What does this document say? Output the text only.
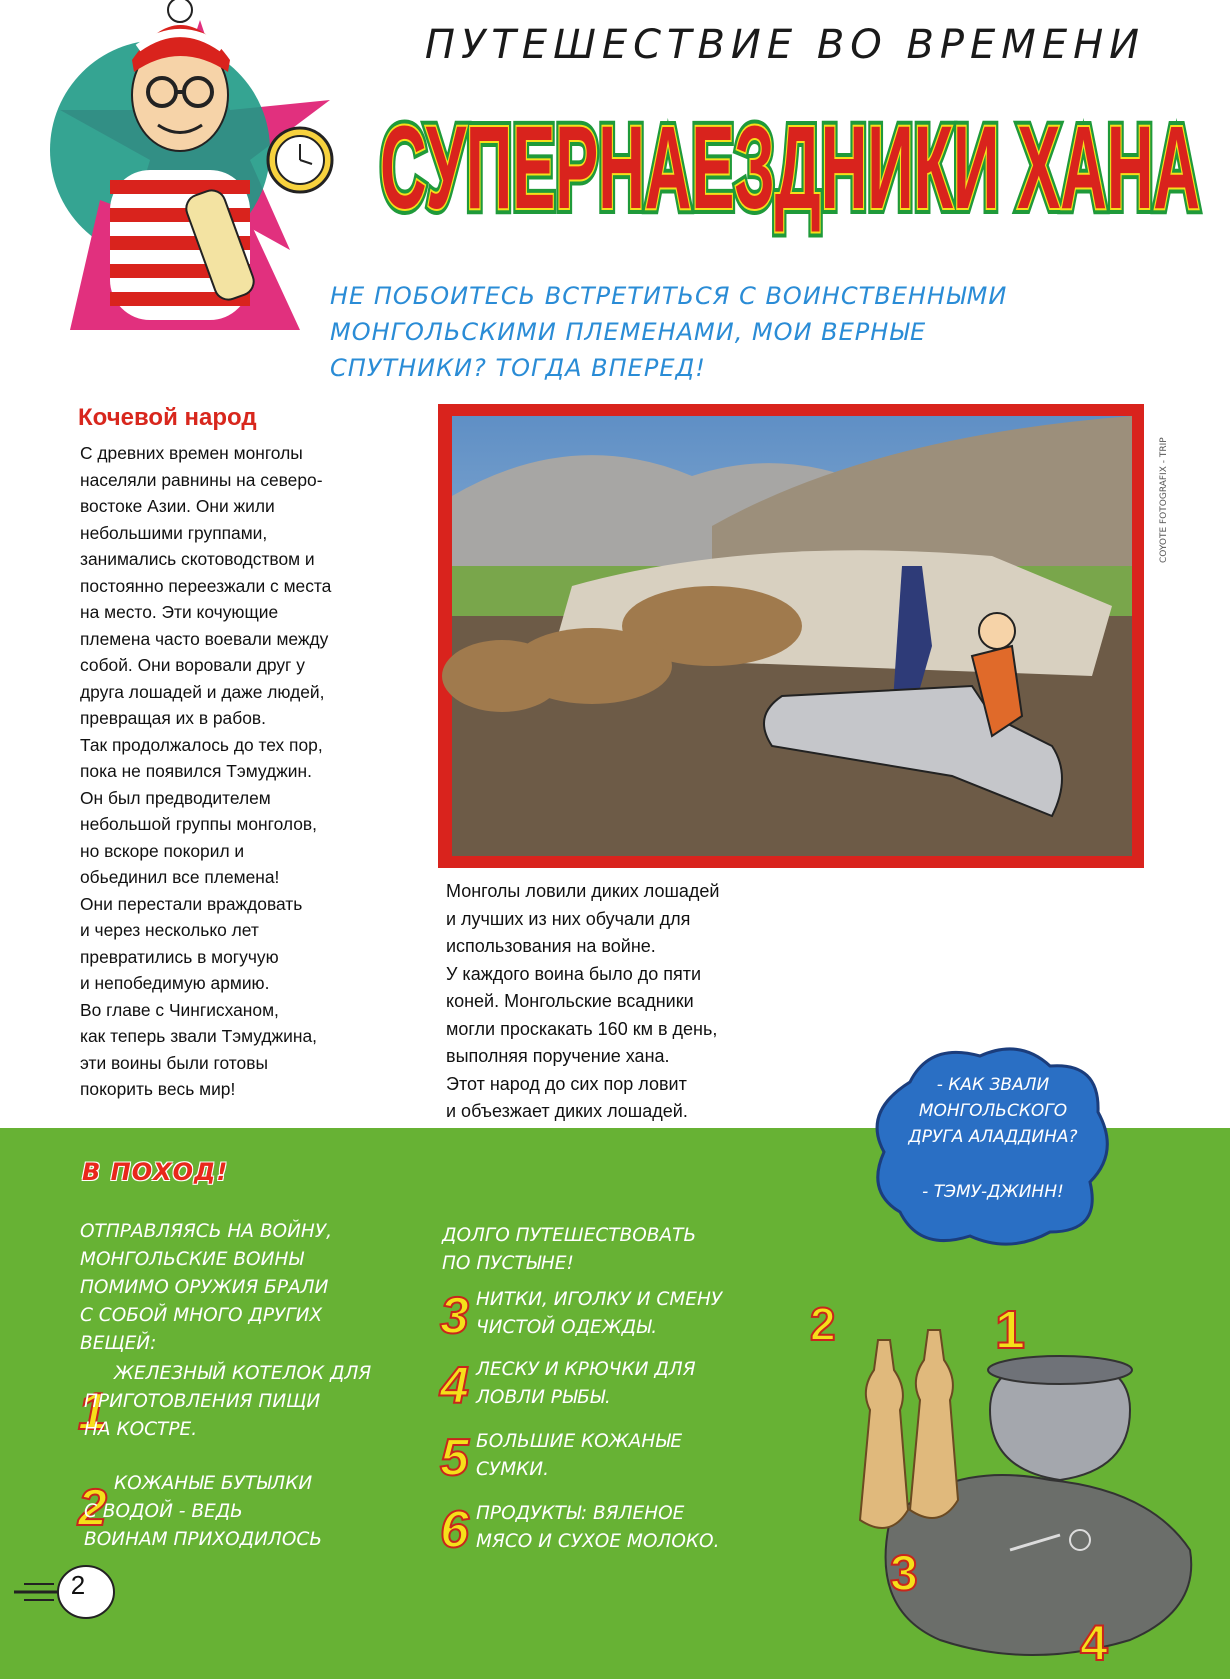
ПУТЕШЕСТВИЕ ВО ВРЕМЕНИ
СУПЕРНАЕЗДНИКИ ХАНА
СУПЕРНАЕЗДНИКИ ХАНА
НЕ ПОБОИТЕСЬ ВСТРЕТИТЬСЯ С ВОИНСТВЕННЫМИ
МОНГОЛЬСКИМИ ПЛЕМЕНАМИ, МОИ ВЕРНЫЕ
СПУТНИКИ? ТОГДА ВПЕРЕД!
Кочевой народ
С древних времен монголы
населяли равнины на северо-
востоке Азии. Они жили
небольшими группами,
занимались скотоводством и
постоянно переезжали с места
на место. Эти кочующие
племена часто воевали между
собой. Они воровали друг у
друга лошадей и даже людей,
превращая их в рабов.
Так продолжалось до тех пор,
пока не появился Тэмуджин.
Он был предводителем
небольшой группы монголов,
но вскоре покорил и
обьединил все племена!
Они перестали враждовать
и через несколько лет
превратились в могучую
и непобедимую армию.
Во главе с Чингисханом,
как теперь звали Тэмуджина,
эти воины были готовы
покорить весь мир!
COYOTE FOTOGRAFIX - TRIP
Монголы ловили диких лошадей
и лучших из них обучали для
использования на войне.
У каждого воина было до пяти
коней. Монгольские всадники
могли проскакать 160 км в день,
выполняя поручение хана.
Этот народ до сих пор ловит
и объезжает диких лошадей.
- КАК ЗВАЛИ
МОНГОЛЬСКОГО
ДРУГА АЛАДДИНА?
- ТЭМУ-ДЖИНН!
В ПОХОД!
ОТПРАВЛЯЯСЬ НА ВОЙНУ,
МОНГОЛЬСКИЕ ВОИНЫ
ПОМИМО ОРУЖИЯ БРАЛИ
С СОБОЙ МНОГО ДРУГИХ
ВЕЩЕЙ:
1
ЖЕЛЕЗНЫЙ КОТЕЛОК ДЛЯ
ПРИГОТОВЛЕНИЯ ПИЩИ
НА КОСТРЕ.
2 КОЖАНЫЕ БУТЫЛКИ
С ВОДОЙ - ВЕДЬ
ВОИНАМ ПРИХОДИЛОСЬ
ДОЛГО ПУТЕШЕСТВОВАТЬ
ПО ПУСТЫНЕ!
3 НИТКИ, ИГОЛКУ И СМЕНУ
ЧИСТОЙ ОДЕЖДЫ.
4 ЛЕСКУ И КРЮЧКИ ДЛЯ
ЛОВЛИ РЫБЫ.
5 БОЛЬШИЕ КОЖАНЫЕ
СУМКИ.
6 ПРОДУКТЫ: ВЯЛЕНОЕ
МЯСО И СУХОЕ МОЛОКО.
1
2
3
4
2
